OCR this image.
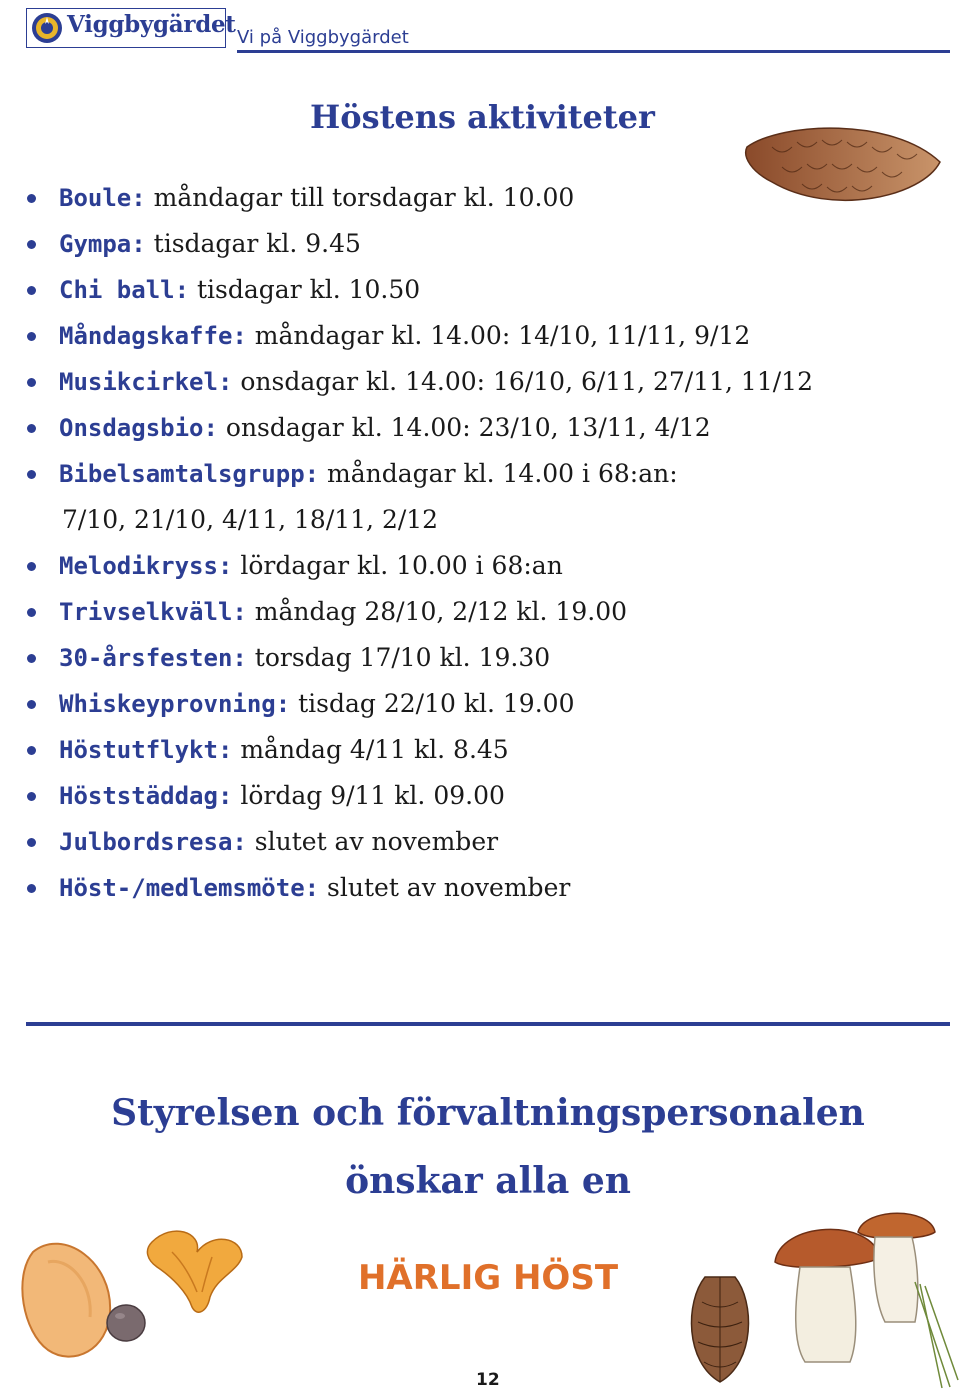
Viggbygärdet Vi på Viggbygärdet
Höstens aktiviteter
Boule: måndagar till torsdagar kl. 10.00
Gympa: tisdagar kl. 9.45
Chi ball: tisdagar kl. 10.50
Måndagskaffe: måndagar kl. 14.00: 14/10, 11/11, 9/12
Musikcirkel: onsdagar kl. 14.00: 16/10, 6/11, 27/11, 11/12
Onsdagsbio: onsdagar kl. 14.00: 23/10, 13/11, 4/12
Bibelsamtalsgrupp: måndagar kl. 14.00 i 68:an:
7/10, 21/10, 4/11, 18/11, 2/12
Melodikryss: lördagar kl. 10.00 i 68:an
Trivselkväll: måndag 28/10, 2/12 kl. 19.00
30-årsfesten: torsdag 17/10 kl. 19.30
Whiskeyprovning: tisdag 22/10 kl. 19.00
Höstutflykt: måndag 4/11 kl. 8.45
Höststäddag: lördag 9/11 kl. 09.00
Julbordsresa: slutet av november
Höst-/medlemsmöte: slutet av november
Styrelsen och förvaltningspersonalen
önskar alla en
HÄRLIG HÖST
12
